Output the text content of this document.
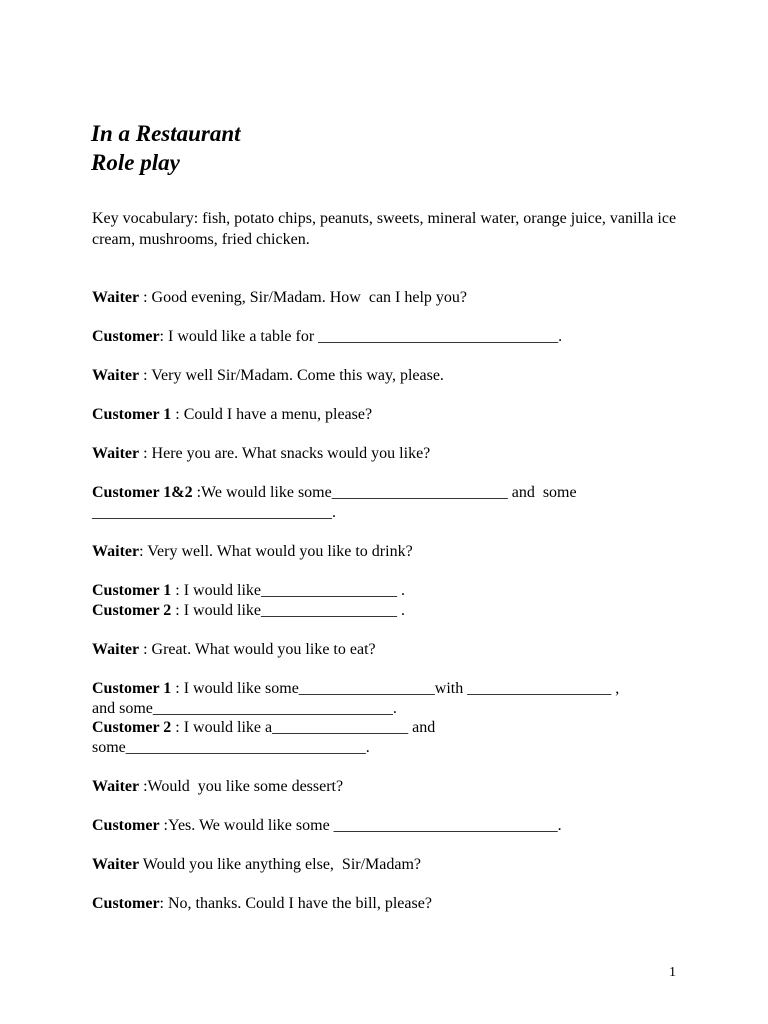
In a Restaurant
Role play
Key vocabulary: fish, potato chips, peanuts, sweets, mineral water, orange juice, vanilla ice cream, mushrooms, fried chicken.
Waiter : Good evening, Sir/Madam. How  can I help you?
Customer: I would like a table for ______________________________.
Waiter : Very well Sir/Madam. Come this way, please.
Customer 1 : Could I have a menu, please?
Waiter : Here you are. What snacks would you like?
Customer 1&2 :We would like some______________________ and  some
______________________________.
Waiter: Very well. What would you like to drink?
Customer 1 : I would like_________________ .
Customer 2 : I would like_________________ .
Waiter : Great. What would you like to eat?
Customer 1 : I would like some_________________with __________________ ,
and some______________________________.
Customer 2 : I would like a_________________ and
some______________________________.
Waiter :Would  you like some dessert?
Customer :Yes. We would like some ____________________________.
Waiter Would you like anything else,  Sir/Madam?
Customer: No, thanks. Could I have the bill, please?
1
